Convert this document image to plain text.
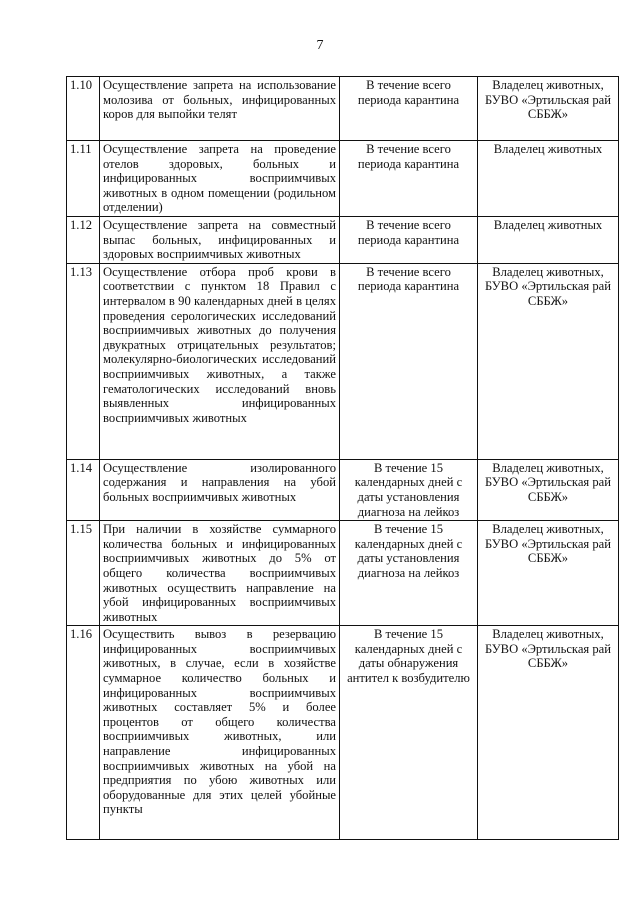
7
1.10	Осуществление запрета на использование молозива от больных, инфицированных коров для выпойки телят	В течение всего периода карантина	Владелец животных, БУВО «Эртильская рай СББЖ»
1.11	Осуществление запрета на проведение отелов здоровых, больных и инфицированных восприимчивых животных в одном помещении (родильном отделении)	В течение всего периода карантина	Владелец животных
1.12	Осуществление запрета на совместный выпас больных, инфицированных и здоровых восприимчивых животных	В течение всего периода карантина	Владелец животных
1.13	Осуществление отбора проб крови в соответствии с пунктом 18 Правил с интервалом в 90 календарных дней в целях проведения серологических исследований восприимчивых животных до получения двукратных отрицательных результатов; молекулярно-биологических исследований восприимчивых животных, а также гематологических исследований вновь выявленных инфицированных восприимчивых животных	В течение всего периода карантина	Владелец животных, БУВО «Эртильская рай СББЖ»
1.14	Осуществление изолированного содержания и направления на убой больных восприимчивых животных	В течение 15 календарных дней с даты установления диагноза на лейкоз	Владелец животных, БУВО «Эртильская рай СББЖ»
1.15	При наличии в хозяйстве суммарного количества больных и инфицированных восприимчивых животных до 5% от общего количества восприимчивых животных осуществить направление на убой инфицированных восприимчивых животных	В течение 15 календарных дней с даты установления диагноза на лейкоз	Владелец животных, БУВО «Эртильская рай СББЖ»
1.16	Осуществить вывоз в резервацию инфицированных восприимчивых животных, в случае, если в хозяйстве суммарное количество больных и инфицированных восприимчивых животных составляет 5% и более процентов от общего количества восприимчивых животных, или направление инфицированных восприимчивых животных на убой на предприятия по убою животных или оборудованные для этих целей убойные пункты	В течение 15 календарных дней с даты обнаружения антител к возбудителю	Владелец животных, БУВО «Эртильская рай СББЖ»
